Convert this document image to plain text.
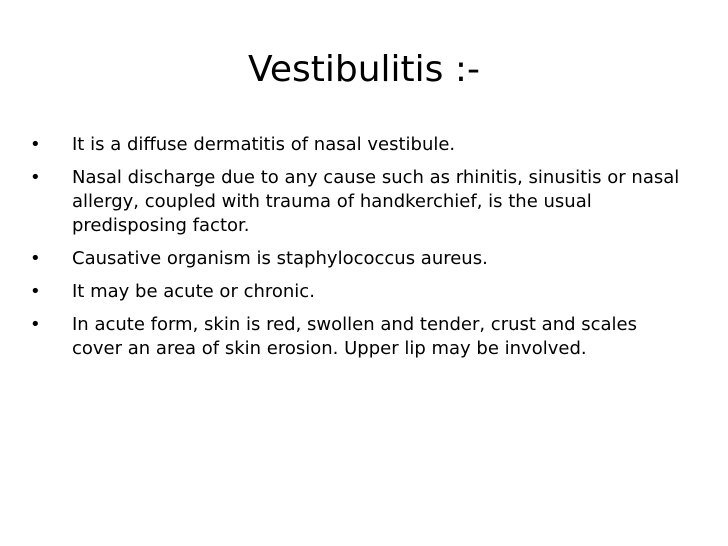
Vestibulitis :-
•	It is a diffuse dermatitis of nasal vestibule.
•	Nasal discharge due to any cause such as rhinitis, sinusitis or nasal allergy, coupled with trauma of handkerchief, is the usual predisposing factor.
•	Causative organism is staphylococcus aureus.
•	It may be acute or chronic.
•	In acute form, skin is red, swollen and tender, crust and scales cover an area of skin erosion. Upper lip may be involved.
